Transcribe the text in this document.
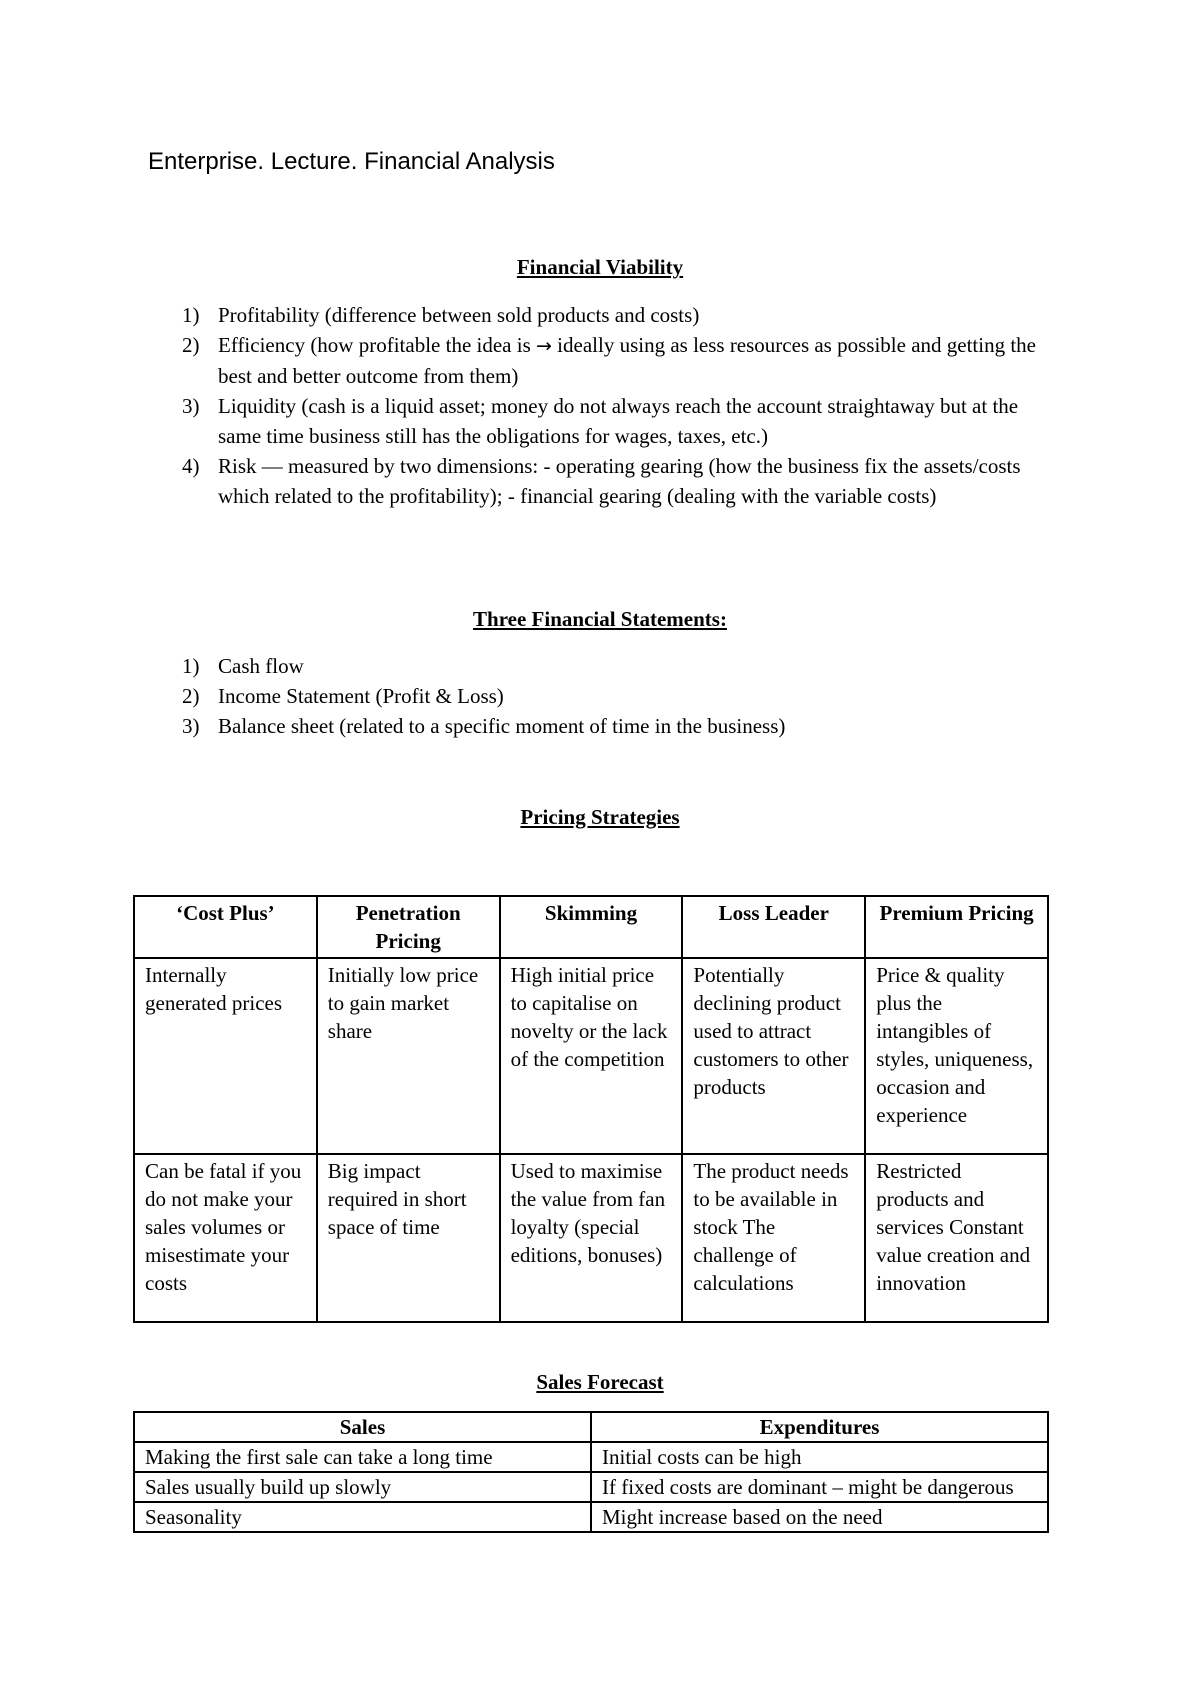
Enterprise. Lecture. Financial Analysis
Financial Viability
1) Profitability (difference between sold products and costs)
2) Efficiency (how profitable the idea is → ideally using as less resources as possible and getting the best and better outcome from them)
3) Liquidity (cash is a liquid asset; money do not always reach the account straightaway but at the same time business still has the obligations for wages, taxes, etc.)
4) Risk — measured by two dimensions: - operating gearing (how the business fix the assets/costs which related to the profitability); - financial gearing (dealing with the variable costs)
Three Financial Statements:
1) Cash flow
2) Income Statement (Profit & Loss)
3) Balance sheet (related to a specific moment of time in the business)
Pricing Strategies
‘Cost Plus’	Penetration Pricing	Skimming	Loss Leader	Premium Pricing
Internally generated prices	Initially low price to gain market share	High initial price to capitalise on novelty or the lack of the competition	Potentially declining product used to attract customers to other products	Price & quality plus the intangibles of styles, uniqueness, occasion and experience
Can be fatal if you do not make your sales volumes or misestimate your costs	Big impact required in short space of time	Used to maximise the value from fan loyalty (special editions, bonuses)	The product needs to be available in stock The challenge of calculations	Restricted products and services Constant value creation and innovation
Sales Forecast
Sales	Expenditures
Making the first sale can take a long time	Initial costs can be high
Sales usually build up slowly	If fixed costs are dominant – might be dangerous
Seasonality	Might increase based on the need
